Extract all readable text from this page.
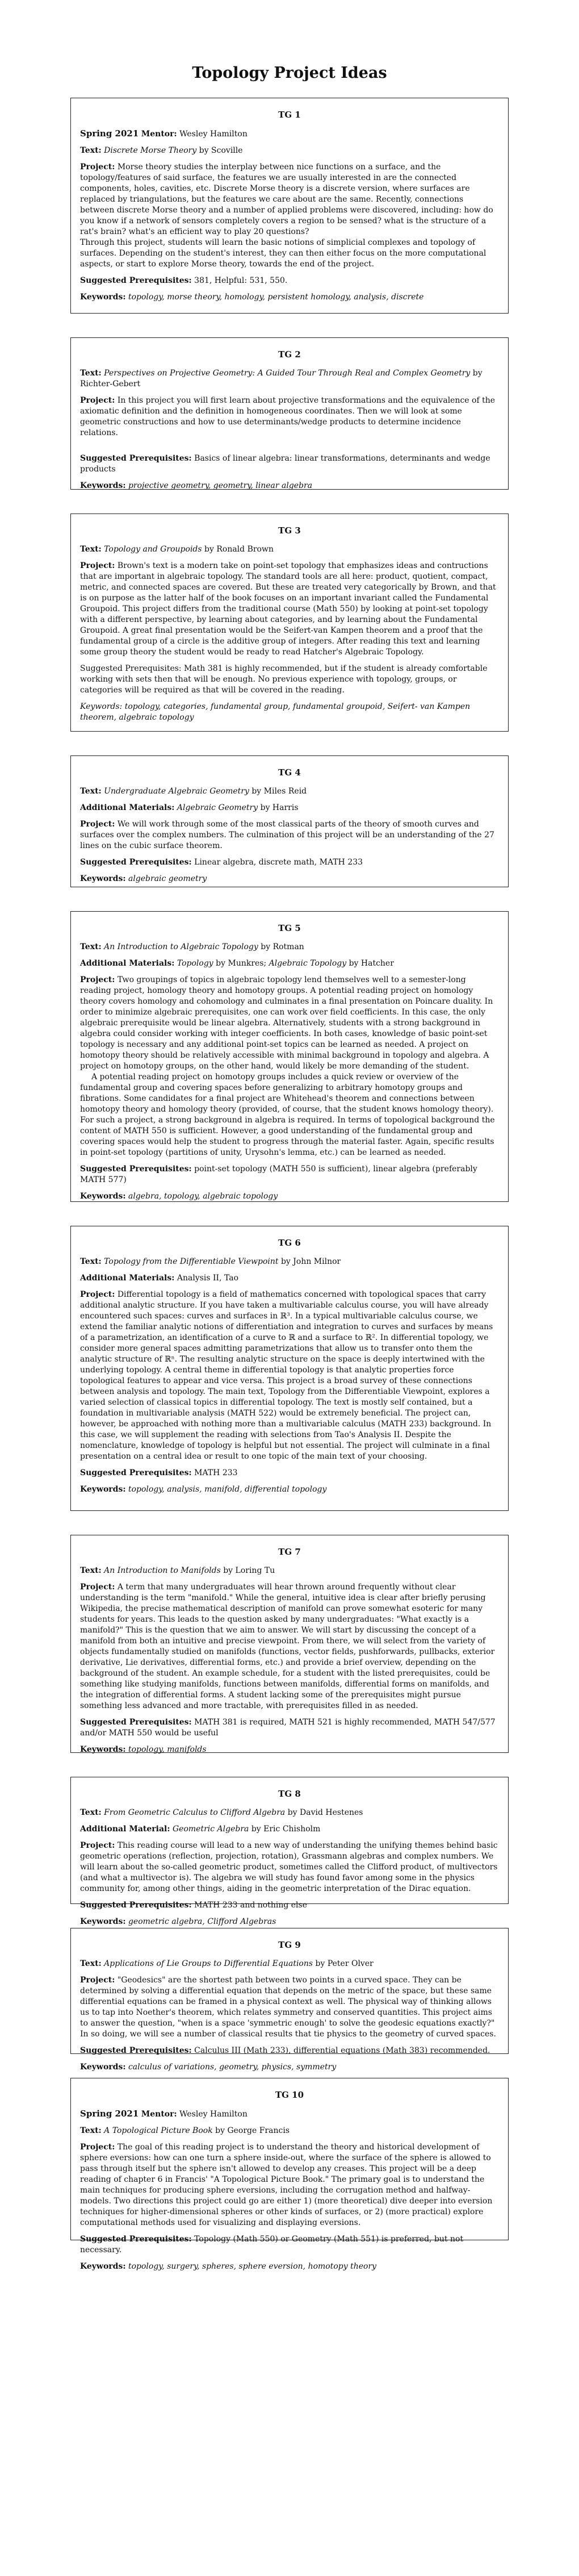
Topology Project Ideas
TG 1

Spring 2021 Mentor: Wesley Hamilton

Text: Discrete Morse Theory by Scoville

Project: Morse theory studies the interplay between nice functions on a surface, and the topology/features of said surface, the features we are usually interested in are the connected components, holes, cavities, etc. Discrete Morse theory is a discrete version, where surfaces are replaced by triangulations, but the features we care about are the same. Recently, connections between discrete Morse theory and a number of applied problems were discovered, including: how do you know if a network of sensors completely covers a region to be sensed? what is the structure of a rat's brain? what's an efficient way to play 20 questions?
Through this project, students will learn the basic notions of simplicial complexes and topology of surfaces. Depending on the student's interest, they can then either focus on the more computational aspects, or start to explore Morse theory, towards the end of the project.

Suggested Prerequisites: 381, Helpful: 531, 550.

Keywords: topology, morse theory, homology, persistent homology, analysis, discrete

TG 2

Text: Perspectives on Projective Geometry: A Guided Tour Through Real and Complex Geometry by Richter-Gebert

Project: In this project you will first learn about projective transformations and the equivalence of the axiomatic definition and the definition in homogeneous coordinates. Then we will look at some geometric constructions and how to use determinants/wedge products to determine incidence relations.

Suggested Prerequisites: Basics of linear algebra: linear transformations, determinants and wedge products

Keywords: projective geometry, geometry, linear algebra

TG 3

Text: Topology and Groupoids by Ronald Brown

Project: Brown's text is a modern take on point-set topology that emphasizes ideas and contructions that are important in algebraic topology. The standard tools are all here: product, quotient, compact, metric, and connected spaces are covered. But these are treated very categorically by Brown, and that is on purpose as the latter half of the book focuses on an important invariant called the Fundamental Groupoid. This project differs from the traditional course (Math 550) by looking at point-set topology with a different perspective, by learning about categories, and by learning about the Fundamental Groupoid. A great final presentation would be the Seifert-van Kampen theorem and a proof that the fundamental group of a circle is the additive group of integers. After reading this text and learning some group theory the student would be ready to read Hatcher's Algebraic Topology.

Suggested Prerequisites: Math 381 is highly recommended, but if the student is already comfortable working with sets then that will be enough. No previous experience with topology, groups, or categories will be required as that will be covered in the reading.

Keywords: topology, categories, fundamental group, fundamental groupoid, Seifert- van Kampen theorem, algebraic topology

TG 4

Text: Undergraduate Algebraic Geometry by Miles Reid

Additional Materials: Algebraic Geometry by Harris

Project: We will work through some of the most classical parts of the theory of smooth curves and surfaces over the complex numbers. The culmination of this project will be an understanding of the 27 lines on the cubic surface theorem.

Suggested Prerequisites: Linear algebra, discrete math, MATH 233

Keywords: algebraic geometry

TG 5

Text: An Introduction to Algebraic Topology by Rotman

Additional Materials: Topology by Munkres; Algebraic Topology by Hatcher

Project: Two groupings of topics in algebraic topology lend themselves well to a semester-long reading project, homology theory and homotopy groups. A potential reading project on homology theory covers homology and cohomology and culminates in a final presentation on Poincare duality. In order to minimize algebraic prerequisites, one can work over field coefficients. In this case, the only algebraic prerequisite would be linear algebra. Alternatively, students with a strong background in algebra could consider working with integer coefficients. In both cases, knowledge of basic point-set topology is necessary and any additional point-set topics can be learned as needed. A project on homotopy theory should be relatively accessible with minimal background in topology and algebra. A project on homotopy groups, on the other hand, would likely be more demanding of the student.

A potential reading project on homotopy groups includes a quick review or overview of the fundamental group and covering spaces before generalizing to arbitrary homotopy groups and fibrations. Some candidates for a final project are Whitehead's theorem and connections between homotopy theory and homology theory (provided, of course, that the student knows homology theory). For such a project, a strong background in algebra is required. In terms of topological background the content of MATH 550 is sufficient. However, a good understanding of the fundamental group and covering spaces would help the student to progress through the material faster. Again, specific results in point-set topology (partitions of unity, Urysohn's lemma, etc.) can be learned as needed.

Suggested Prerequisites: point-set topology (MATH 550 is sufficient), linear algebra (preferably MATH 577)

Keywords: algebra, topology, algebraic topology

TG 6

Text: Topology from the Differentiable Viewpoint by John Milnor

Additional Materials: Analysis II, Tao

Project: Differential topology is a field of mathematics concerned with topological spaces that carry additional analytic structure. If you have taken a multivariable calculus course, you will have already encountered such spaces: curves and surfaces in ℝ³. In a typical multivariable calculus course, we extend the familiar analytic notions of differentiation and integration to curves and surfaces by means of a parametrization, an identification of a curve to ℝ and a surface to ℝ². In differential topology, we consider more general spaces admitting parametrizations that allow us to transfer onto them the analytic structure of ℝⁿ. The resulting analytic structure on the space is deeply intertwined with the underlying topology. A central theme in differential topology is that analytic properties force topological features to appear and vice versa. This project is a broad survey of these connections between analysis and topology. The main text, Topology from the Differentiable Viewpoint, explores a varied selection of classical topics in differential topology. The text is mostly self contained, but a foundation in multivariable analysis (MATH 522) would be extremely beneficial. The project can, however, be approached with nothing more than a multivariable calculus (MATH 233) background. In this case, we will supplement the reading with selections from Tao's Analysis II. Despite the nomenclature, knowledge of topology is helpful but not essential. The project will culminate in a final presentation on a central idea or result to one topic of the main text of your choosing.

Suggested Prerequisites: MATH 233

Keywords: topology, analysis, manifold, differential topology

TG 7

Text: An Introduction to Manifolds by Loring Tu

Project: A term that many undergraduates will hear thrown around frequently without clear understanding is the term "manifold." While the general, intuitive idea is clear after briefly perusing Wikipedia, the precise mathematical description of manifold can prove somewhat esoteric for many students for years. This leads to the question asked by many undergraduates: "What exactly is a manifold?" This is the question that we aim to answer. We will start by discussing the concept of a manifold from both an intuitive and precise viewpoint. From there, we will select from the variety of objects fundamentally studied on manifolds (functions, vector fields, pushforwards, pullbacks, exterior derivative, Lie derivatives, differential forms, etc.) and provide a brief overview, depending on the background of the student. An example schedule, for a student with the listed prerequisites, could be something like studying manifolds, functions between manifolds, differential forms on manifolds, and the integration of differential forms. A student lacking some of the prerequisites might pursue something less advanced and more tractable, with prerequisites filled in as needed.

Suggested Prerequisites: MATH 381 is required, MATH 521 is highly recommended, MATH 547/577 and/or MATH 550 would be useful

Keywords: topology, manifolds

TG 8

Text: From Geometric Calculus to Clifford Algebra by David Hestenes

Additional Material: Geometric Algebra by Eric Chisholm

Project: This reading course will lead to a new way of understanding the unifying themes behind basic geometric operations (reflection, projection, rotation), Grassmann algebras and complex numbers. We will learn about the so-called geometric product, sometimes called the Clifford product, of multivectors (and what a multivector is). The algebra we will study has found favor among some in the physics community for, among other things, aiding in the geometric interpretation of the Dirac equation.

Suggested Prerequisites: MATH 233 and nothing else

Keywords: geometric algebra, Clifford Algebras

TG 9

Text: Applications of Lie Groups to Differential Equations by Peter Olver

Project: "Geodesics" are the shortest path between two points in a curved space. They can be determined by solving a differential equation that depends on the metric of the space, but these same differential equations can be framed in a physical context as well. The physical way of thinking allows us to tap into Noether's theorem, which relates symmetry and conserved quantities. This project aims to answer the question, "when is a space 'symmetric enough' to solve the geodesic equations exactly?" In so doing, we will see a number of classical results that tie physics to the geometry of curved spaces.

Suggested Prerequisites: Calculus III (Math 233), differential equations (Math 383) recommended.

Keywords: calculus of variations, geometry, physics, symmetry

TG 10

Spring 2021 Mentor: Wesley Hamilton

Text: A Topological Picture Book by George Francis

Project: The goal of this reading project is to understand the theory and historical development of sphere eversions: how can one turn a sphere inside-out, where the surface of the sphere is allowed to pass through itself but the sphere isn't allowed to develop any creases. This project will be a deep reading of chapter 6 in Francis' "A Topological Picture Book." The primary goal is to understand the main techniques for producing sphere eversions, including the corrugation method and halfway-models. Two directions this project could go are either 1) (more theoretical) dive deeper into eversion techniques for higher-dimensional spheres or other kinds of surfaces, or 2) (more practical) explore computational methods used for visualizing and displaying eversions.

Suggested Prerequisites: Topology (Math 550) or Geometry (Math 551) is preferred, but not necessary.

Keywords: topology, surgery, spheres, sphere eversion, homotopy theory
